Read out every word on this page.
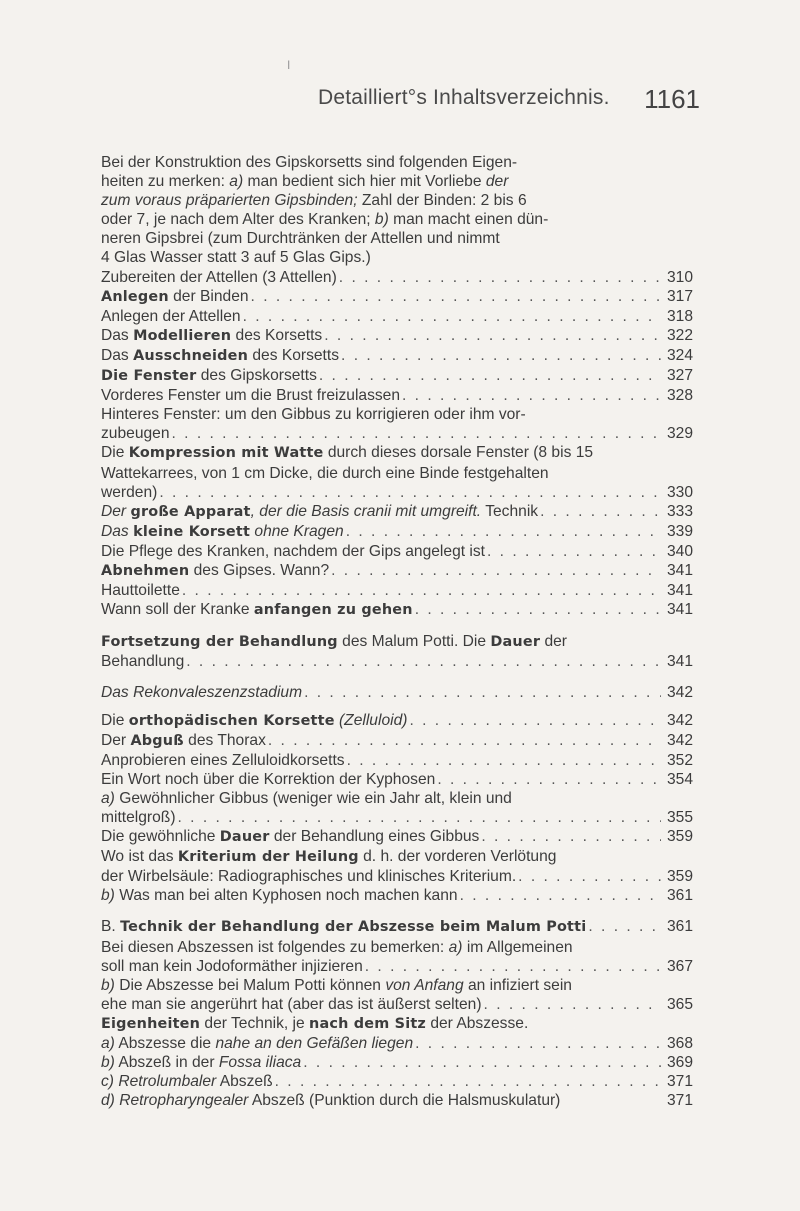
I
Detailliert°s Inhaltsverzeichnis. 1161
Bei der Konstruktion des Gipskorsetts sind folgenden Eigen-
heiten zu merken: a) man bedient sich hier mit Vorliebe der
zum voraus präparierten Gipsbinden; Zahl der Binden: 2 bis 6
oder 7, je nach dem Alter des Kranken; b) man macht einen dün-
neren Gipsbrei (zum Durchtränken der Attellen und nimmt
4 Glas Wasser statt 3 auf 5 Glas Gips.)
Zubereiten der Attellen (3 Attellen) . . .	310
Anlegen der Binden . . .	317
Anlegen der Attellen . . .	318
Das Modellieren des Korsetts . . .	322
Das Ausschneiden des Korsetts . . .	324
Die Fenster des Gipskorsetts . . .	327
Vorderes Fenster um die Brust freizulassen . . .	328
Hinteres Fenster: um den Gibbus zu korrigieren oder ihm vor-
zubeugen . . .	329
Die Kompression mit Watte durch dieses dorsale Fenster (8 bis 15
Wattekarrees, von 1 cm Dicke, die durch eine Binde festgehalten
werden) . . .	330
Der große Apparat, der die Basis cranii mit umgreift. Technik . . .	333
Das kleine Korsett ohne Kragen . . .	339
Die Pflege des Kranken, nachdem der Gips angelegt ist . . .	340
Abnehmen des Gipses. Wann? . . .	341
Hauttoilette . . .	341
Wann soll der Kranke anfangen zu gehen . . .	341
Fortsetzung der Behandlung des Malum Potti. Die Dauer der
Behandlung . . .	341
Das Rekonvaleszenzstadium . . .	342
Die orthopädischen Korsette (Zelluloid) . . .	342
Der Abguß des Thorax . . .	342
Anprobieren eines Zelluloidkorsetts . . .	352
Ein Wort noch über die Korrektion der Kyphosen . . .	354
a) Gewöhnlicher Gibbus (weniger wie ein Jahr alt, klein und
mittelgroß) . . .	355
Die gewöhnliche Dauer der Behandlung eines Gibbus . . .	359
Wo ist das Kriterium der Heilung d. h. der vorderen Verlötung
der Wirbelsäule: Radiographisches und klinisches Kriterium. . . .	359
b) Was man bei alten Kyphosen noch machen kann . . .	361
B. Technik der Behandlung der Abszesse beim Malum Potti . . .	361
Bei diesen Abszessen ist folgendes zu bemerken: a) im Allgemeinen
soll man kein Jodoformäther injizieren . . .	367
b) Die Abszesse bei Malum Potti können von Anfang an infiziert sein
ehe man sie angerührt hat (aber das ist äußerst selten) . . .	365
Eigenheiten der Technik, je nach dem Sitz der Abszesse.
a) Abszesse die nahe an den Gefäßen liegen . . .	368
b) Abszeß in der Fossa iliaca . . .	369
c) Retrolumbaler Abszeß . . .	371
d) Retropharyngealer Abszeß (Punktion durch die Halsmuskulatur)	371
